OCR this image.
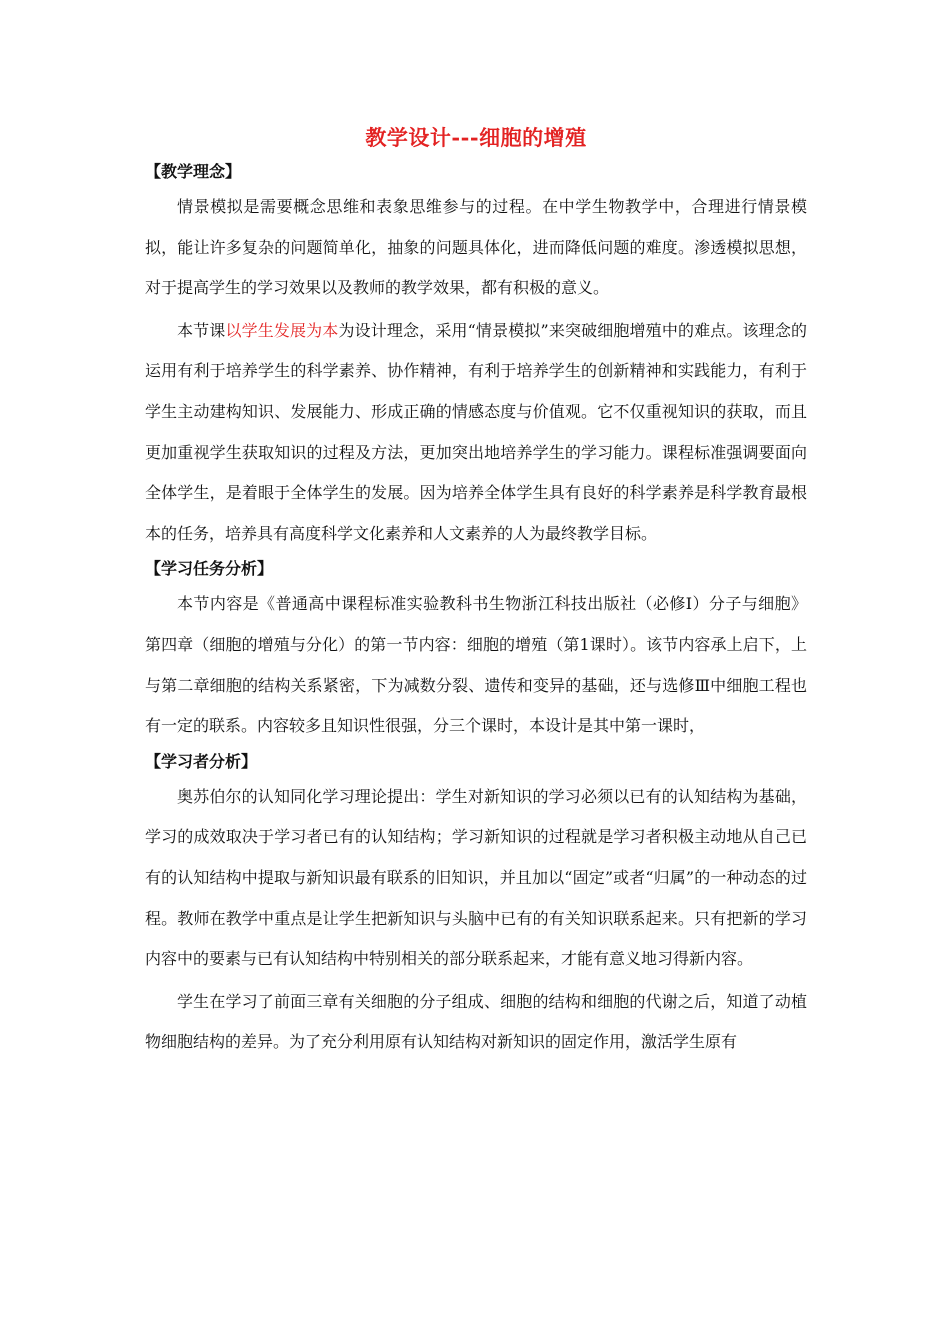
教学设计---细胞的增殖
【教学理念】

情景模拟是需要概念思维和表象思维参与的过程。在中学生物教学中，合理进行情景模拟，能让许多复杂的问题简单化，抽象的问题具体化，进而降低问题的难度。渗透模拟思想，对于提高学生的学习效果以及教师的教学效果，都有积极的意义。

本节课以学生发展为本为设计理念，采用“情景模拟”来突破细胞增殖中的难点。该理念的运用有利于培养学生的科学素养、协作精神，有利于培养学生的创新精神和实践能力，有利于学生主动建构知识、发展能力、形成正确的情感态度与价值观。它不仅重视知识的获取，而且更加重视学生获取知识的过程及方法，更加突出地培养学生的学习能力。课程标准强调要面向全体学生，是着眼于全体学生的发展。因为培养全体学生具有良好的科学素养是科学教育最根本的任务，培养具有高度科学文化素养和人文素养的人为最终教学目标。

【学习任务分析】

本节内容是《普通高中课程标准实验教科书生物浙江科技出版社（必修Ⅰ）分子与细胞》第四章（细胞的增殖与分化）的第一节内容：细胞的增殖（第1课时）。该节内容承上启下，上与第二章细胞的结构关系紧密，下为减数分裂、遗传和变异的基础，还与选修Ⅲ中细胞工程也有一定的联系。内容较多且知识性很强，分三个课时，本设计是其中第一课时，

【学习者分析】

奥苏伯尔的认知同化学习理论提出：学生对新知识的学习必须以已有的认知结构为基础，学习的成效取决于学习者已有的认知结构；学习新知识的过程就是学习者积极主动地从自己已有的认知结构中提取与新知识最有联系的旧知识，并且加以“固定”或者“归属”的一种动态的过程。教师在教学中重点是让学生把新知识与头脑中已有的有关知识联系起来。只有把新的学习内容中的要素与已有认知结构中特别相关的部分联系起来，才能有意义地习得新内容。

学生在学习了前面三章有关细胞的分子组成、细胞的结构和细胞的代谢之后，知道了动植物细胞结构的差异。为了充分利用原有认知结构对新知识的固定作用，激活学生原有
